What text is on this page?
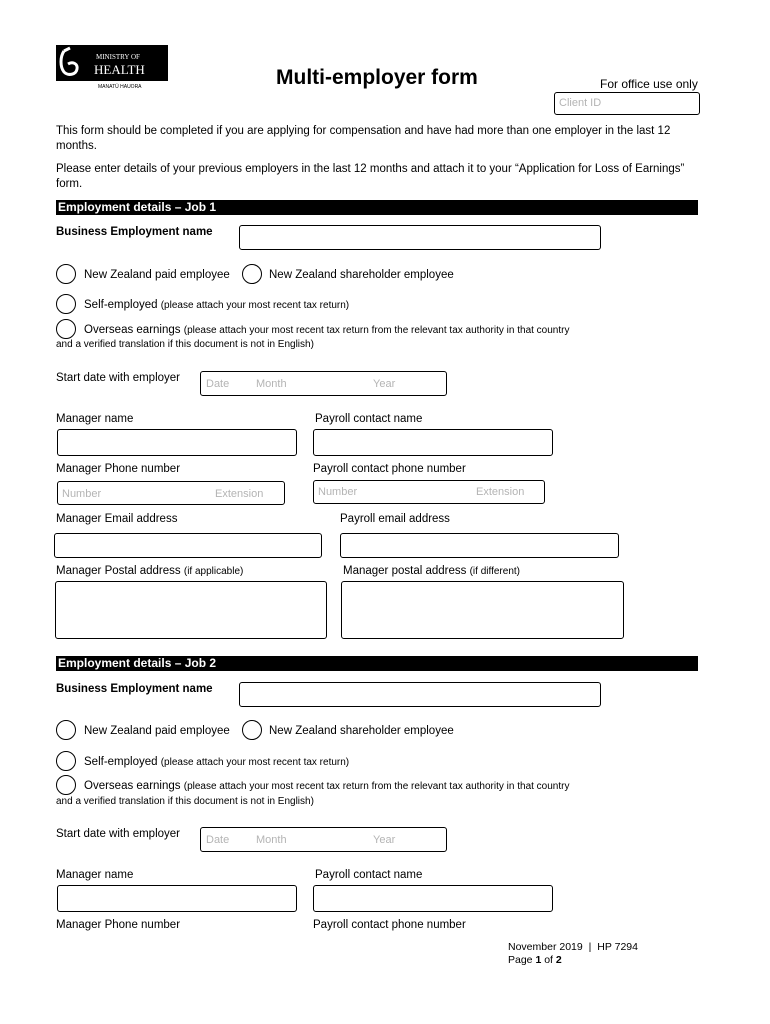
MINISTRY OF
HEALTH
MANATŪ HAUORA	Multi-employer form	For office use only
Client ID
This form should be completed if you are applying for compensation and have had more than one employer in the last 12 months.
Please enter details of your previous employers in the last 12 months and attach it to your “Application for Loss of Earnings” form.
Employment details – Job 1
Business Employment name
New Zealand paid employee	New Zealand shareholder employee
Self-employed (please attach your most recent tax return)
Overseas earnings (please attach your most recent tax return from the relevant tax authority in that country
and a verified translation if this document is not in English)
Start date with employer Date Month	Year
Manager name	Payroll contact name
Manager Phone number	Payroll contact phone number
Number	Extension	Number	Extension
Manager Email address	Payroll email address
Manager Postal address (if applicable)	Manager postal address (if different)
Employment details – Job 2
Business Employment name
New Zealand paid employee	New Zealand shareholder employee
Self-employed (please attach your most recent tax return)
Overseas earnings (please attach your most recent tax return from the relevant tax authority in that country
and a verified translation if this document is not in English)
Start date with employer Date Month	Year
Manager name	Payroll contact name
Manager Phone number	Payroll contact phone number
November 2019 | HP 7294
Page 1 of 2
